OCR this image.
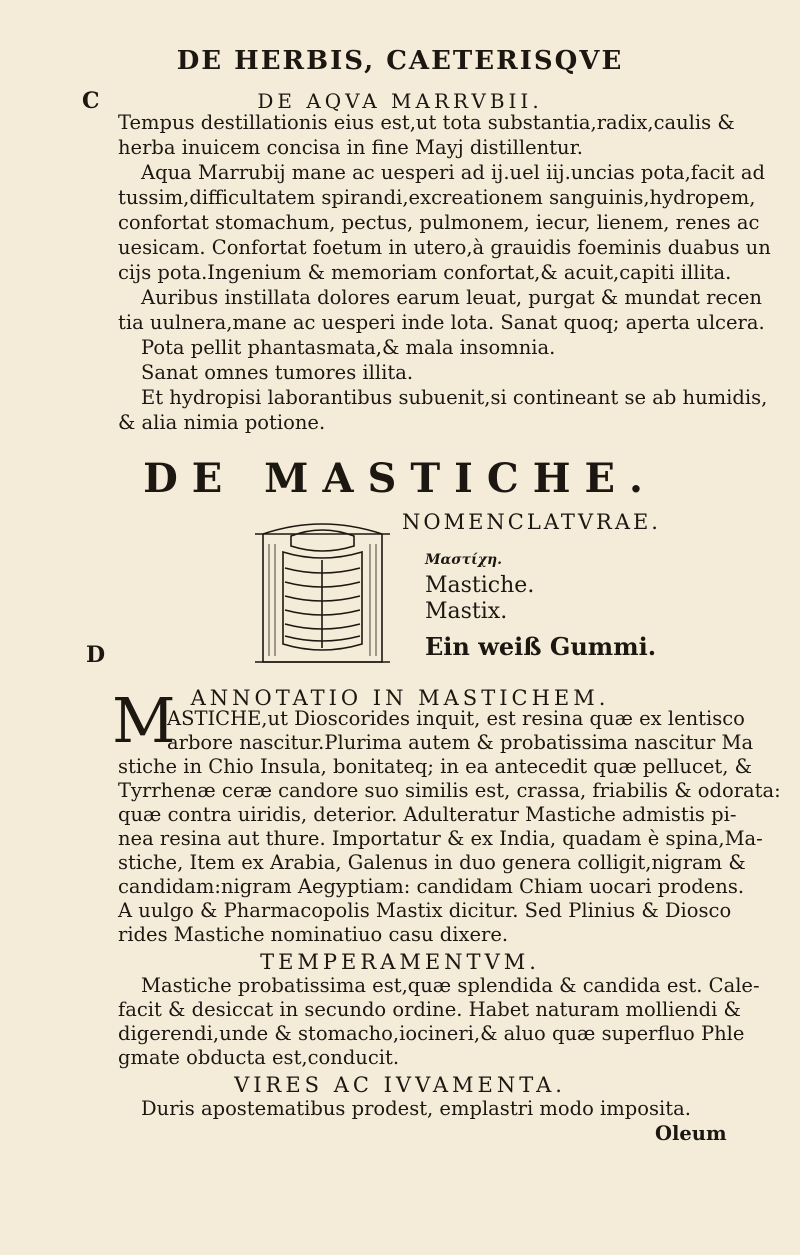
DE HERBIS, CAETERISQVE
C	DE AQVA MARRVBII.
Tempus destillationis eius est,ut tota substantia,radix,caulis &
herba inuicem concisa in fine Mayj distillentur.
Aqua Marrubij mane ac uesperi ad ij.uel iij.uncias pota,facit ad
tussim,difficultatem spirandi,excreationem sanguinis,hydropem,
confortat stomachum, pectus, pulmonem, iecur, lienem, renes ac
uesicam. Confortat foetum in utero,à grauidis foeminis duabus un
cijs pota.Ingenium & memoriam confortat,& acuit,capiti illita.
Auribus instillata dolores earum leuat, purgat & mundat recen
tia uulnera,mane ac uesperi inde lota. Sanat quoq; aperta ulcera.
Pota pellit phantasmata,& mala insomnia.
Sanat omnes tumores illita.
Et hydropisi laborantibus subuenit,si contineant se ab humidis,
& alia nimia potione.
DE MASTICHE.
NOMENCLATVRAE.
Μαστίχη.
Mastiche.
Mastix.
Ein weiß Gummi.
D
ANNOTATIO IN MASTICHEM.
M
ASTICHE,ut Dioscorides inquit, est resina quæ ex lentisco
arbore nascitur.Plurima autem & probatissima nascitur Ma
stiche in Chio Insula, bonitateq; in ea antecedit quæ pellucet, &
Tyrrhenæ ceræ candore suo similis est, crassa, friabilis & odorata:
quæ contra uiridis, deterior. Adulteratur Mastiche admistis pi-
nea resina aut thure. Importatur & ex India, quadam è spina,Ma-
stiche, Item ex Arabia, Galenus in duo genera colligit,nigram &
candidam:nigram Aegyptiam: candidam Chiam uocari prodens.
A uulgo & Pharmacopolis Mastix dicitur. Sed Plinius & Diosco
rides Mastiche nominatiuo casu dixere.
TEMPERAMENTVM.
Mastiche probatissima est,quæ splendida & candida est. Cale-
facit & desiccat in secundo ordine. Habet naturam molliendi &
digerendi,unde & stomacho,iocineri,& aluo quæ superfluo Phle
gmate obducta est,conducit.
VIRES AC IVVAMENTA.
Duris apostematibus prodest, emplastri modo imposita.
Oleum
